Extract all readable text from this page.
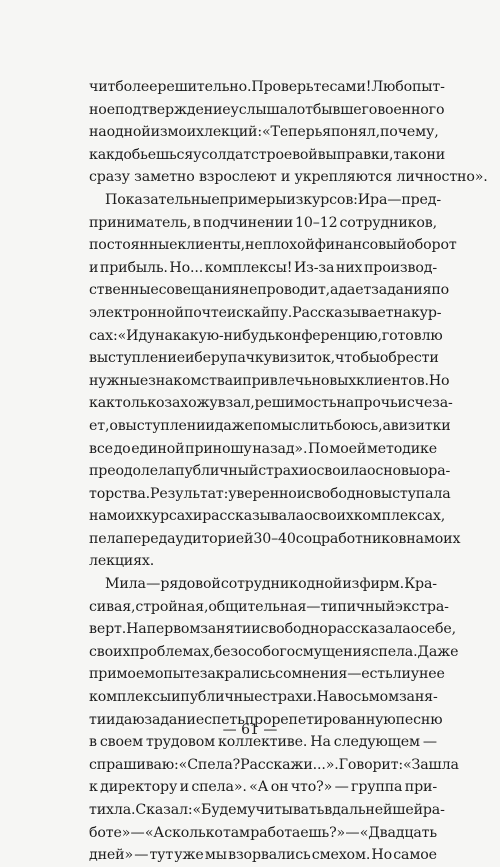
чит более решительно. Проверьте сами! Любопыт-
ное подтверждение услышал от бывшего военного
на одной из моих лекций: «Теперь я понял, почему,
как добьешься у солдат строевой выправки, так они
сразу заметно взрослеют и укрепляются личностно».
Показательные примеры из курсов: Ира — пред-
приниматель, в подчинении 10–12 сотрудников,
постоянные клиенты, неплохой финансовый оборот
и прибыль. Но... комплексы! Из-за них производ-
ственные совещания не проводит, а дает задания по
электронной почте и скайпу. Рассказывает на кур-
сах: «Иду на какую-нибудь конференцию, готовлю
выступление и беру пачку визиток, чтобы обрести
нужные знакомства и привлечь новых клиентов. Но
как только захожу в зал, решимость напрочь исчеза-
ет, о выступлении даже помыслить боюсь, а визитки
все до единой приношу назад». По моей методике
преодолела публичный страх и освоила основы ора-
торства. Результат: уверенно и свободно выступала
на моих курсах и рассказывала о своих комплексах,
пела перед аудиторией 30–40 соцработников на моих
лекциях.
Мила — рядовой сотрудник одной из фирм. Кра-
сивая, стройная, общительная — типичный экстра-
верт. На первом занятии свободно рассказала о себе,
своих проблемах, без особого смущения спела. Даже
при моем опыте закрались сомнения — есть ли у нее
комплексы и публичные страхи. На восьмом заня-
тии даю задание спеть прорепетированную песню
в своем трудовом коллективе. На следующем —
спрашиваю: «Спела? Расскажи...». Говорит: «Зашла
к директору и спела». «А он что?» — группа при-
тихла. Сказал: «Будем учитывать в дальнейшей ра-
боте» — «А сколько там работаешь?» — «Двадцать
дней» — тут уже мы взорвались смехом. Но самое
— 61 —
